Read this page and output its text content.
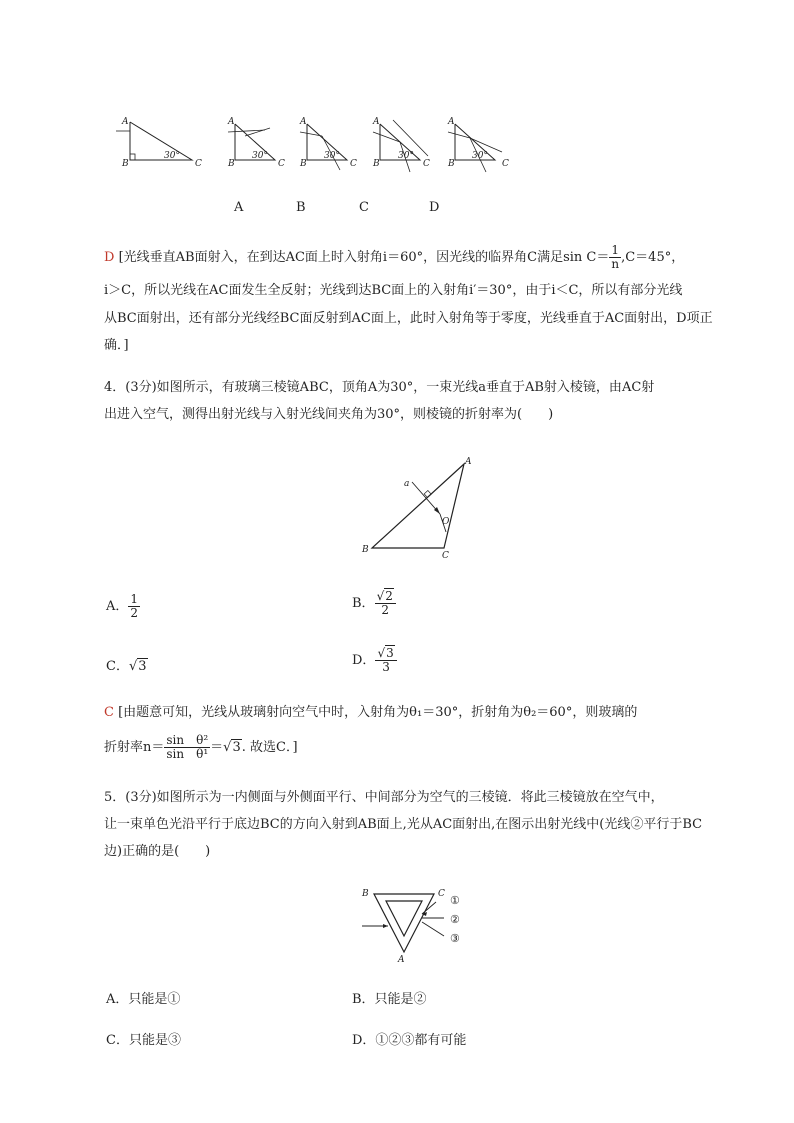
A
B	C
30°
A
B	C
30°
A
B	C
30°
A
B	C
30°
A
B	C
30°
A	B	C	D
D [光线垂直AB面射入，在到达AC面上时入射角i＝60°，因光线的临界角C满足$\sin C= \frac{1}{n} ,C=45^\circ$，
i＞C，所以光线在AC面发生全反射；光线到达BC面上的入射角i′＝30°，由于i＜C，所以有部分光线
从BC面射出，还有部分光线经BC面反射到AC面上，此时入射角等于零度，光线垂直于AC面射出，D项正
确．]
4．(3分)如图所示，有玻璃三棱镜ABC，顶角A为30°，一束光线a垂直于AB射入棱镜，由AC射
出进入空气，测得出射光线与入射光线间夹角为30°，则棱镜的折射率为(　　)
A
B
C
O
a
A． $\frac{1}{2}$	B． $\frac{√2}{2}$
C．√3	D． $\frac{√3}{3}$
C [由题意可知，光线从玻璃射向空气中时，入射角为θ₁＝30°，折射角为θ₂＝60°，则玻璃的
折射率$n= \frac{\text{sin　θ²}}{\text{sin　θ¹}} =√3$. 故选C．]
5．(3分)如图所示为一内侧面与外侧面平行、中间部分为空气的三棱镜．将此三棱镜放在空气中，
让一束单色光沿平行于底边BC的方向入射到AB面上,光从AC面射出,在图示出射光线中(光线②平行于BC
边)正确的是(　　)
B	C
A
①
②
③
A．只能是①	B．只能是②
C．只能是③	D．①②③都有可能
